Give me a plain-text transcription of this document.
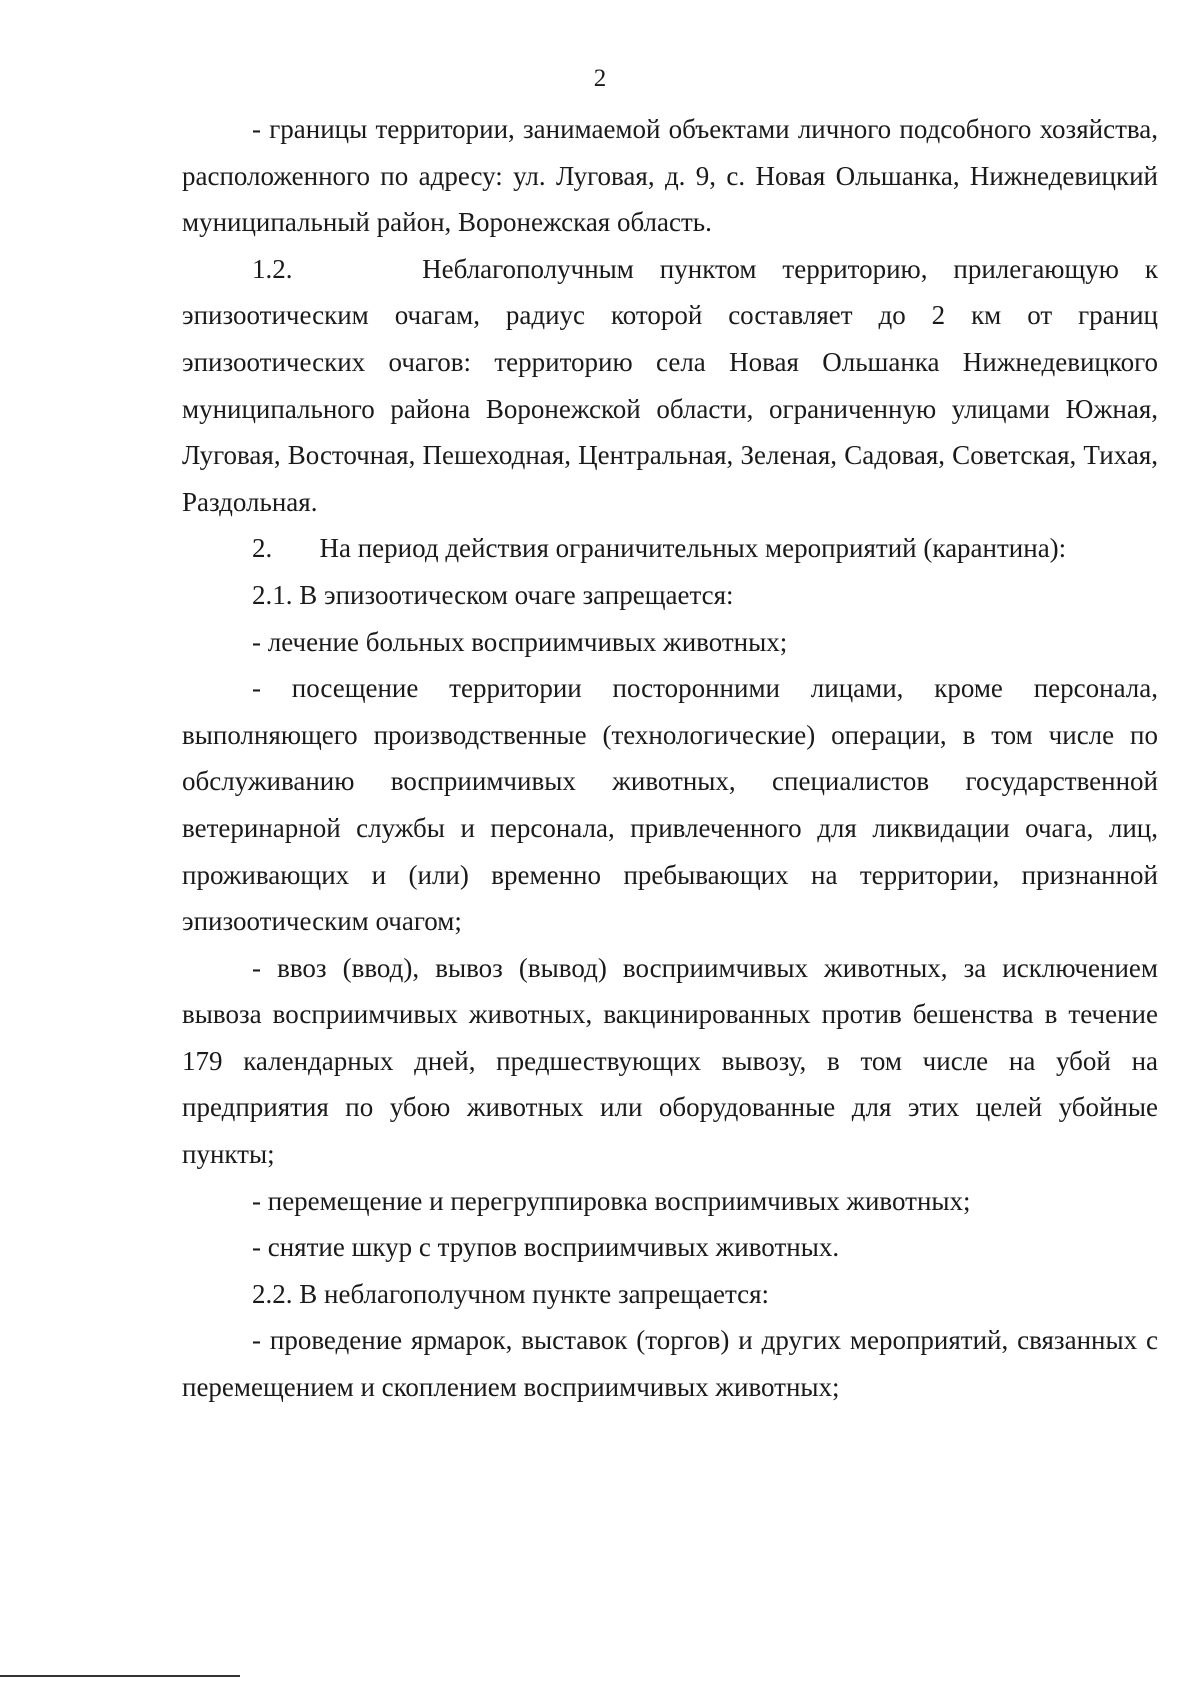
2

- границы территории, занимаемой объектами личного подсобного хозяйства, расположенного по адресу: ул. Луговая, д. 9, с. Новая Ольшанка, Нижнедевицкий муниципальный район, Воронежская область.

1.2.     Неблагополучным пунктом территорию, прилегающую к эпизоотическим очагам, радиус которой составляет до 2 км от границ эпизоотических очагов: территорию села Новая Ольшанка Нижнедевицкого муниципального района Воронежской области, ограниченную улицами Южная, Луговая, Восточная, Пешеходная, Центральная, Зеленая, Садовая, Советская, Тихая, Раздольная.

2.       На период действия ограничительных мероприятий (карантина):

2.1. В эпизоотическом очаге запрещается:

- лечение больных восприимчивых животных;

- посещение территории посторонними лицами, кроме персонала, выполняющего производственные (технологические) операции, в том числе по обслуживанию восприимчивых животных, специалистов государственной ветеринарной службы и персонала, привлеченного для ликвидации очага, лиц, проживающих и (или) временно пребывающих на территории, признанной эпизоотическим очагом;

- ввоз (ввод), вывоз (вывод) восприимчивых животных, за исключением вывоза восприимчивых животных, вакцинированных против бешенства в течение 179 календарных дней, предшествующих вывозу, в том числе на убой на предприятия по убою животных или оборудованные для этих целей убойные пункты;

- перемещение и перегруппировка восприимчивых животных;

- снятие шкур с трупов восприимчивых животных.

2.2. В неблагополучном пункте запрещается:

- проведение ярмарок, выставок (торгов) и других мероприятий, связанных с перемещением и скоплением восприимчивых животных;
